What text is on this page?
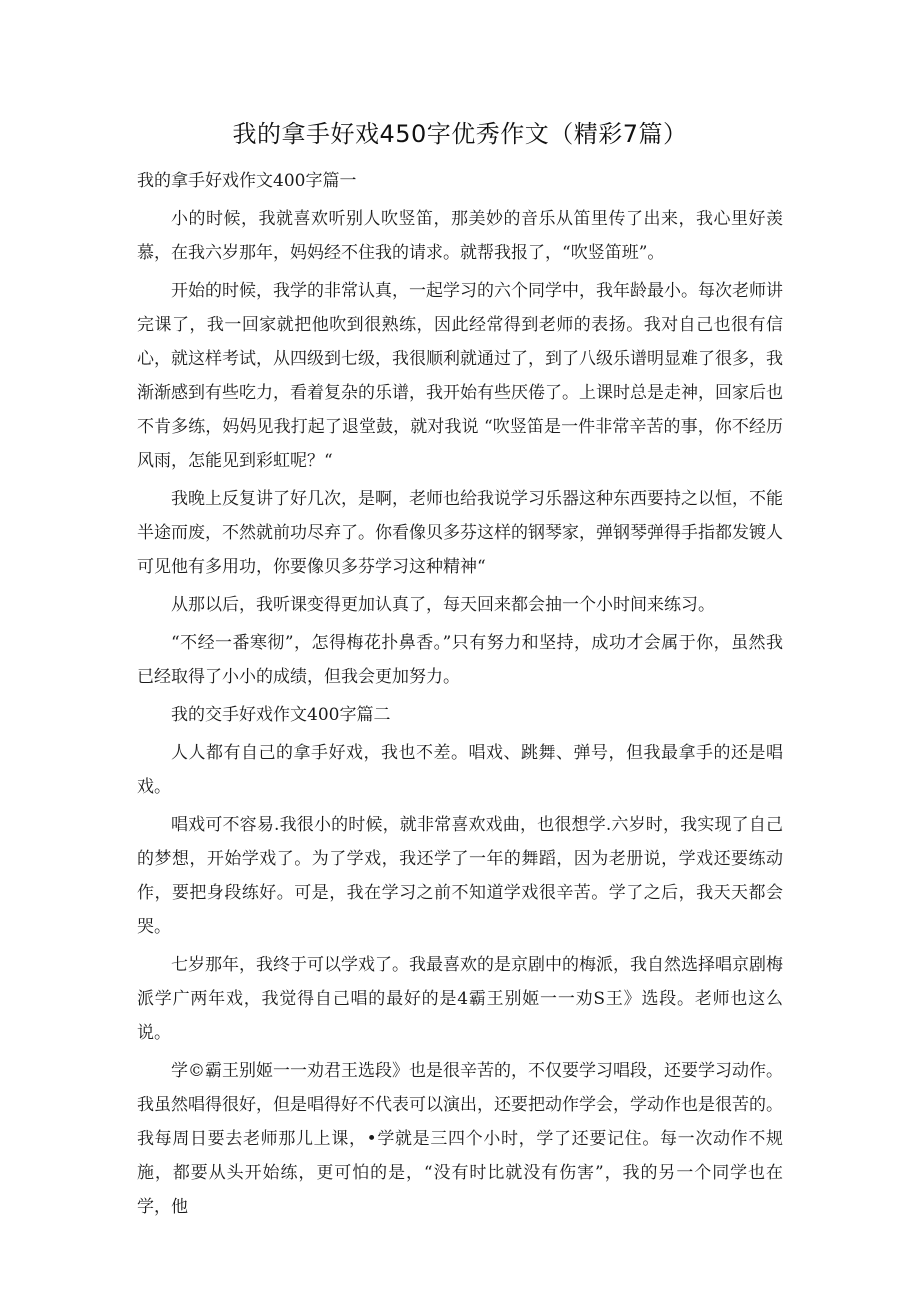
我的拿手好戏450字优秀作文（精彩7篇）

我的拿手好戏作文400字篇一

小的时候，我就喜欢听别人吹竖笛，那美妙的音乐从笛里传了出来，我心里好羡慕，在我六岁那年，妈妈经不住我的请求。就帮我报了，“吹竖笛班”。

开始的时候，我学的非常认真，一起学习的六个同学中，我年龄最小。每次老师讲完课了，我一回家就把他吹到很熟练，因此经常得到老师的表扬。我对自己也很有信心，就这样考试，从四级到七级，我很顺利就通过了，到了八级乐谱明显难了很多，我渐渐感到有些吃力，看着复杂的乐谱，我开始有些厌倦了。上课时总是走神，回家后也不肯多练，妈妈见我打起了退堂鼓，就对我说 “吹竖笛是一件非常辛苦的事，你不经历风雨，怎能见到彩虹呢？“

我晚上反复讲了好几次，是啊，老师也给我说学习乐器这种东西要持之以恒，不能半途而废，不然就前功尽弃了。你看像贝多芬这样的钢琴家，弹钢琴弹得手指都发镀人可见他有多用功，你要像贝多芬学习这种精神“

从那以后，我听课变得更加认真了，每天回来都会抽一个小时间来练习。

“不经一番寒彻”，怎得梅花扑鼻香。”只有努力和坚持，成功才会属于你，虽然我已经取得了小小的成绩，但我会更加努力。

我的交手好戏作文400字篇二

人人都有自己的拿手好戏，我也不差。唱戏、跳舞、弹号，但我最拿手的还是唱戏。

唱戏可不容易.我很小的时候，就非常喜欢戏曲，也很想学.六岁时，我实现了自己的梦想，开始学戏了。为了学戏，我还学了一年的舞蹈，因为老册说，学戏还要练动作，要把身段练好。可是，我在学习之前不知道学戏很辛苦。学了之后，我天天都会哭。

七岁那年，我终于可以学戏了。我最喜欢的是京剧中的梅派，我自然选择唱京剧梅派学广两年戏，我觉得自己唱的最好的是4霸王别姬一一劝S王》选段。老师也这么说。

学©霸王别姬一一劝君王选段》也是很辛苦的，不仅要学习唱段，还要学习动作。我虽然唱得很好，但是唱得好不代表可以演出，还要把动作学会，学动作也是很苦的。我每周日要去老师那儿上课，•学就是三四个小时，学了还要记住。每一次动作不规施，都要从头开始练，更可怕的是，“没有时比就没有伤害”，我的另一个同学也在学，他
